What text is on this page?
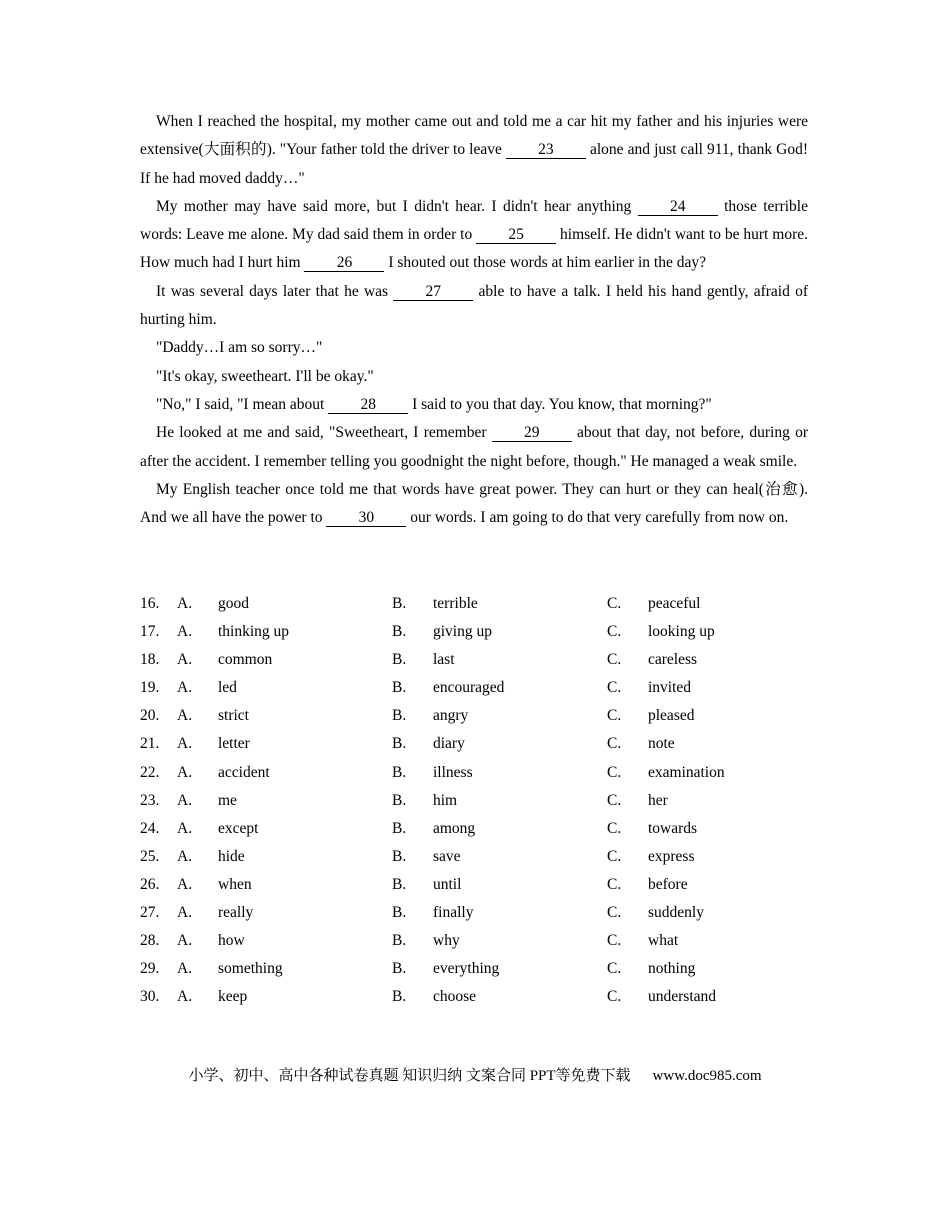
When I reached the hospital, my mother came out and told me a car hit my father and his injuries were extensive(大面积的). "Your father told the driver to leave 23 alone and just call 911, thank God! If he had moved daddy…"

My mother may have said more, but I didn't hear. I didn't hear anything 24 those terrible words: Leave me alone. My dad said them in order to 25 himself. He didn't want to be hurt more. How much had I hurt him 26 I shouted out those words at him earlier in the day?

It was several days later that he was 27 able to have a talk. I held his hand gently, afraid of hurting him.

"Daddy…I am so sorry…"

"It's okay, sweetheart. I'll be okay."

"No," I said, "I mean about 28 I said to you that day. You know, that morning?"

He looked at me and said, "Sweetheart, I remember 29 about that day, not before, during or after the accident. I remember telling you goodnight the night before, though." He managed a weak smile.

My English teacher once told me that words have great power. They can hurt or they can heal(治愈). And we all have the power to 30 our words. I am going to do that very carefully from now on.

16. A. good	B. terrible	C. peaceful
17. A. thinking up	B. giving up	C. looking up
18. A. common	B. last	C. careless
19. A. led	B. encouraged	C. invited
20. A. strict	B. angry	C. pleased
21. A. letter	B. diary	C. note
22. A. accident	B. illness	C. examination
23. A. me	B. him	C. her
24. A. except	B. among	C. towards
25. A. hide	B. save	C. express
26. A. when	B. until	C. before
27. A. really	B. finally	C. suddenly
28. A. how	B. why	C. what
29. A. something	B. everything	C. nothing
30. A. keep	B. choose	C. understand
小学、初中、高中各种试卷真题 知识归纳 文案合同 PPT等免费下载 www.doc985.com
